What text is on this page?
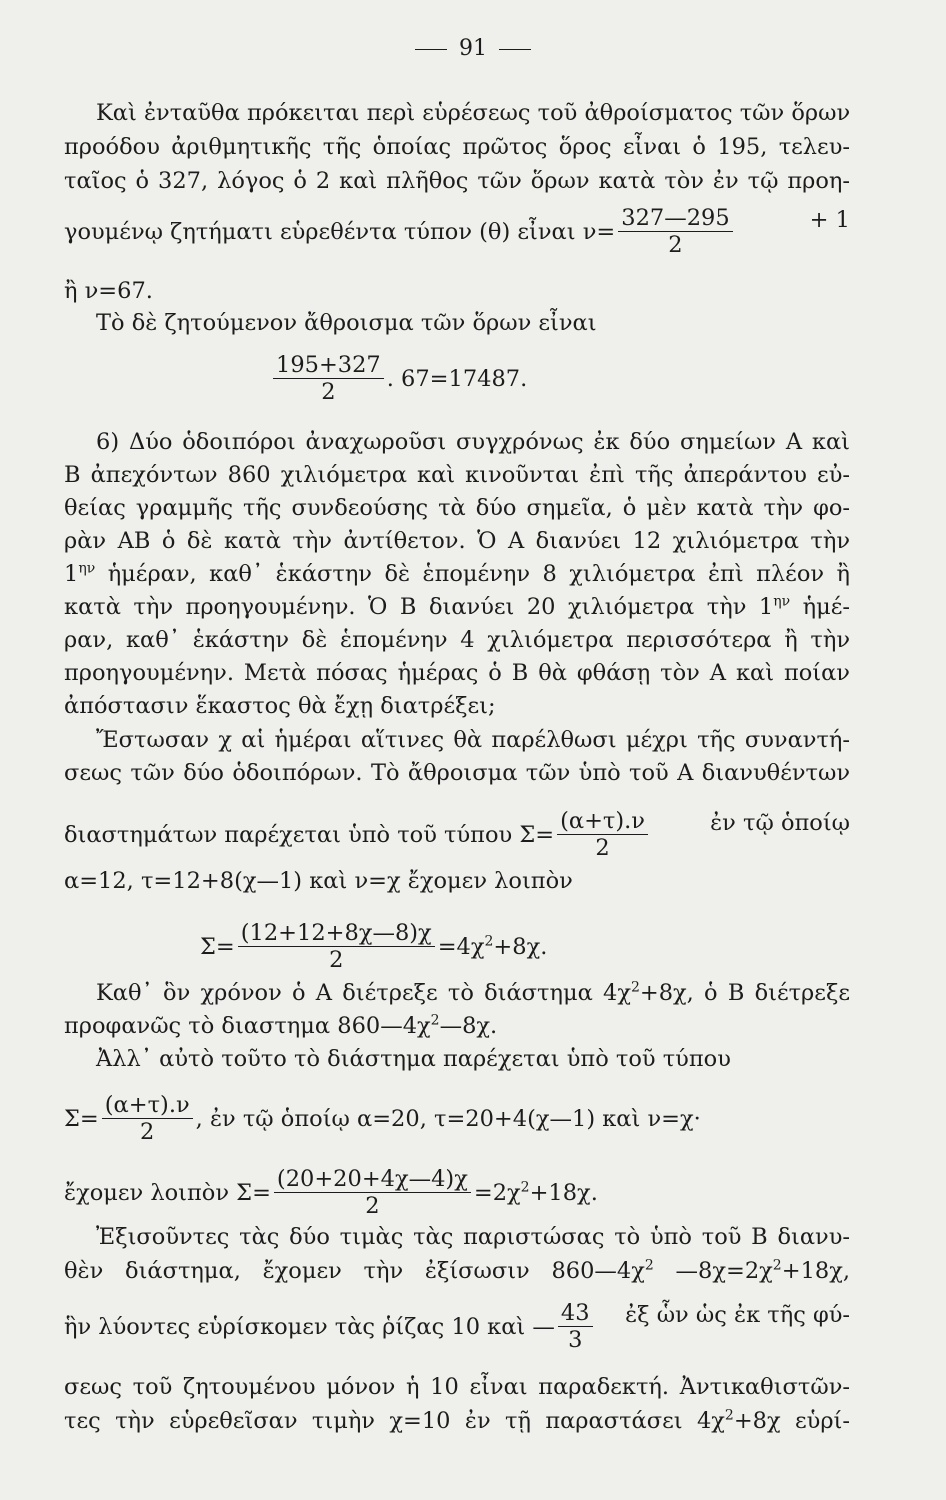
91
Καὶ ἐνταῦθα πρόκειται περὶ εὑρέσεως τοῦ ἀθροίσματος τῶν ὅρων
προόδου ἀριθμητικῆς τῆς ὁποίας πρῶτος ὅρος εἶναι ὁ 195, τελευ-
ταῖος ὁ 327, λόγος ὁ 2 καὶ πλῆθος τῶν ὅρων κατὰ τὸν ἐν τῷ προη-
γουμένῳ ζητήματι εὑρεθέντα τύπον (θ) εἶναι $\nu= \frac{327—295}{2}$	+ 1
ἢ ν=67.
Τὸ δὲ ζητούμενον ἄθροισμα τῶν ὅρων εἶναι
$\frac{195+327}{2}$ . 67=17487.
6) Δύο ὁδοιπόροι ἀναχωροῦσι συγχρόνως ἐκ δύο σημείων Α καὶ
Β ἀπεχόντων 860 χιλιόμετρα καὶ κινοῦνται ἐπὶ τῆς ἀπεράντου εὐ-
θείας γραμμῆς τῆς συνδεούσης τὰ δύο σημεῖα, ὁ μὲν κατὰ τὴν φο-
ρὰν ΑΒ ὁ δὲ κατὰ τὴν ἀντίθετον. Ὁ Α διανύει 12 χιλιόμετρα τὴν
$1^{\eta\nu}$ ἡμέραν, καθ᾽ ἑκάστην δὲ ἑπομένην 8 χιλιόμετρα ἐπὶ πλέον ἢ
κατὰ τὴν προηγουμένην. Ὁ Β διανύει 20 χιλιόμετρα τὴν $1^{\eta\nu}$ ἡμέ-
ραν, καθ᾽ ἑκάστην δὲ ἑπομένην 4 χιλιόμετρα περισσότερα ἢ τὴν
προηγουμένην. Μετὰ πόσας ἡμέρας ὁ Β θὰ φθάσῃ τὸν Α καὶ ποίαν
ἀπόστασιν ἕκαστος θὰ ἔχῃ διατρέξει;
Ἔστωσαν χ αἱ ἡμέραι αἵτινες θὰ παρέλθωσι μέχρι τῆς συναντή-
σεως τῶν δύο ὁδοιπόρων. Τὸ ἄθροισμα τῶν ὑπὸ τοῦ Α διανυθέντων
διαστημάτων παρέχεται ὑπὸ τοῦ τύπου $\Sigma= \frac{(\alpha+\tau).\nu}{2}$	ἐν τῷ ὁποίῳ
α=12, τ=12+8(χ—1) καὶ ν=χ ἔχομεν λοιπὸν
$\Sigma= \frac{(12+12+8\chi—8)\chi}{2} =4\chi^2+8\chi$.
Καθ᾽ ὃν χρόνον ὁ Α διέτρεξε τὸ διάστημα $4\chi^2+8\chi$, ὁ Β διέτρεξε
προφανῶς τὸ διαστημα $860—4\chi^2—8\chi$.
Ἀλλ᾽ αὐτὸ τοῦτο τὸ διάστημα παρέχεται ὑπὸ τοῦ τύπου
$\Sigma= \frac{(\alpha+\tau).\nu}{2}$ , ἐν τῷ ὁποίῳ α=20, τ=20+4(χ—1) καὶ ν=χ·
ἔχομεν λοιπὸν $\Sigma= \frac{(20+20+4\chi—4)\chi}{2} =2\chi^2+18\chi$.
Ἐξισοῦντες τὰς δύο τιμὰς τὰς παριστώσας τὸ ὑπὸ τοῦ Β διανυ-
θὲν διάστημα, ἔχομεν τὴν ἐξίσωσιν $860—4\chi^2$ $—8\chi=2\chi^2+18\chi$,
ἣν λύοντες εὑρίσκομεν τὰς ῥίζας 10 καὶ — $\frac{43}{3}$ ἐξ ὧν ὡς ἐκ τῆς φύ-
σεως τοῦ ζητουμένου μόνον ἡ 10 εἶναι παραδεκτή. Ἀντικαθιστῶν-
τες τὴν εὑρεθεῖσαν τιμὴν χ=10 ἐν τῇ παραστάσει $4\chi^2+8\chi$ εὑρί-
